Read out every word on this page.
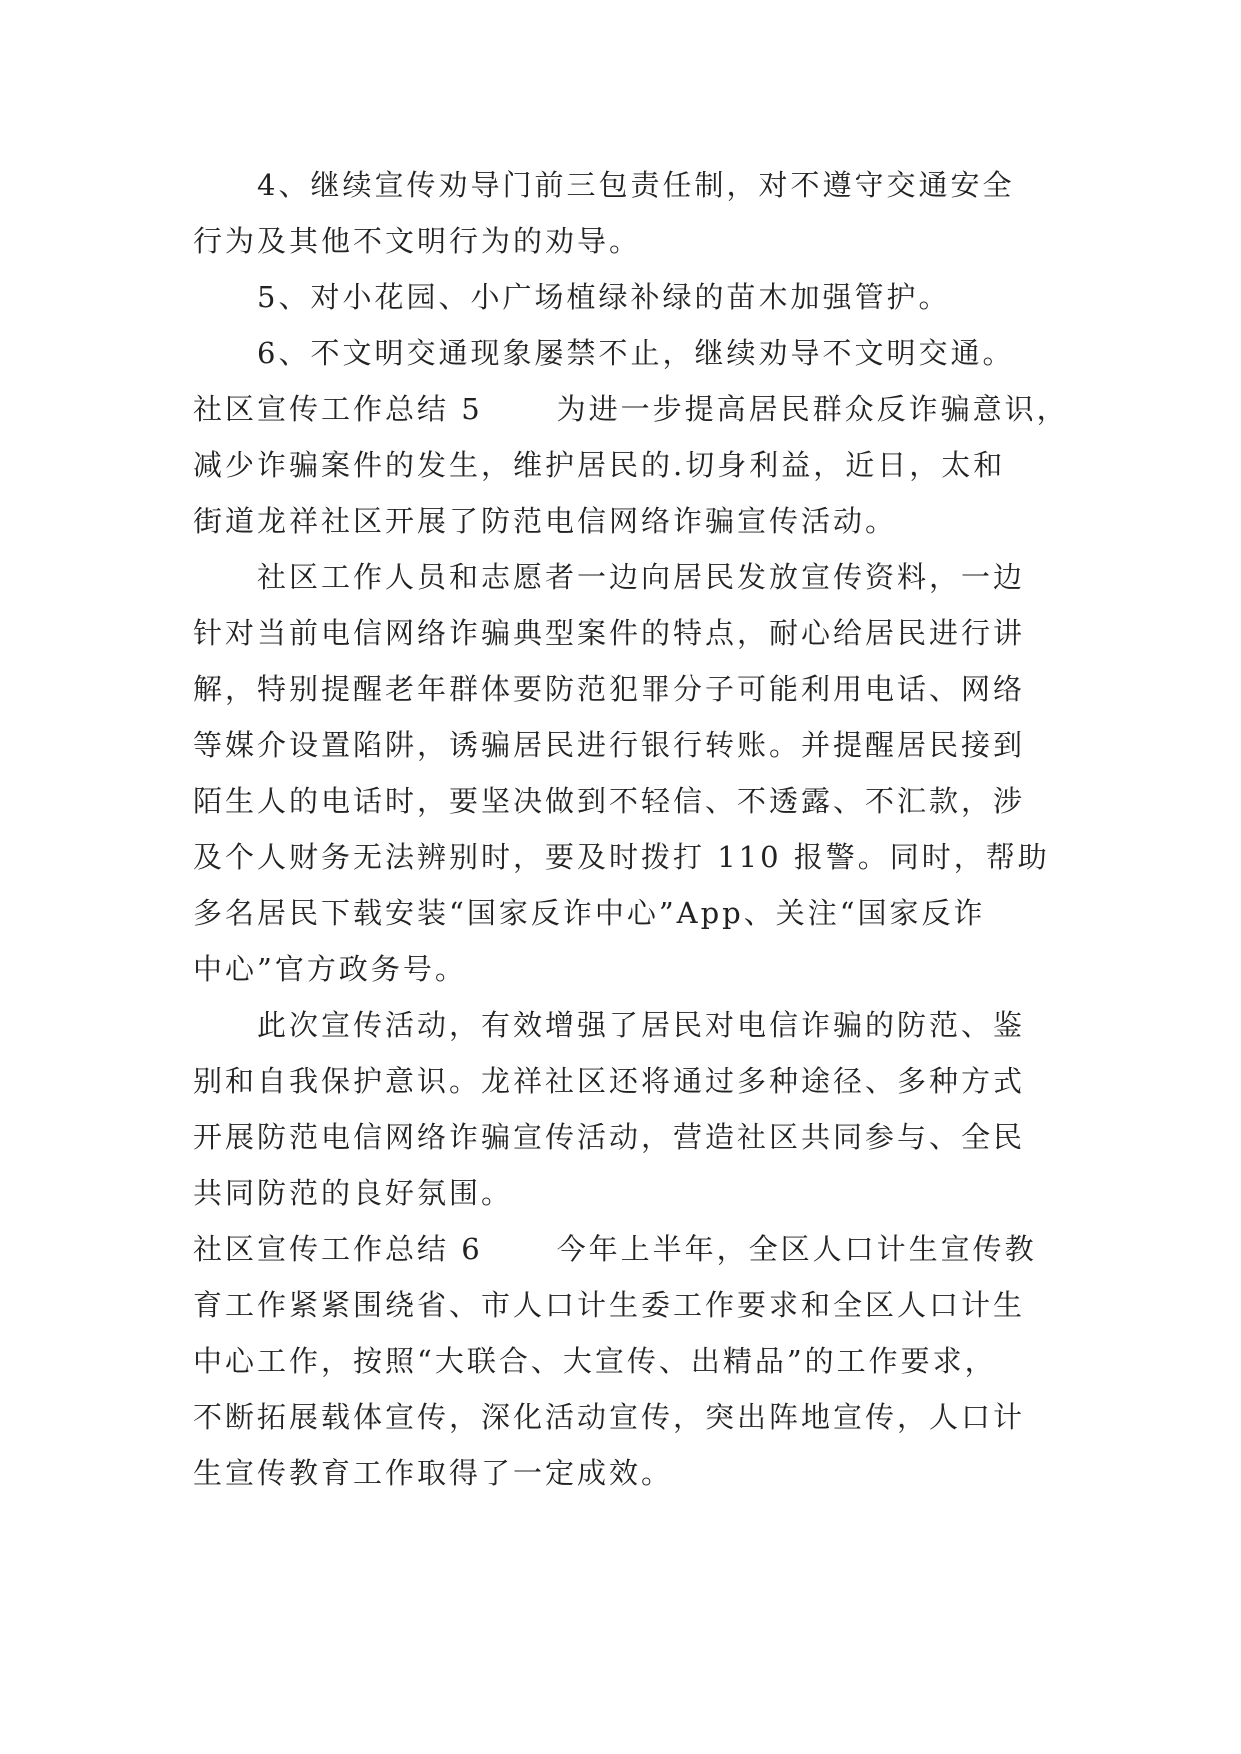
4、继续宣传劝导门前三包责任制，对不遵守交通安全
行为及其他不文明行为的劝导。
5、对小花园、小广场植绿补绿的苗木加强管护。
6、不文明交通现象屡禁不止，继续劝导不文明交通。
社区宣传工作总结 5	为进一步提高居民群众反诈骗意识，
减少诈骗案件的发生，维护居民的.切身利益，近日，太和
街道龙祥社区开展了防范电信网络诈骗宣传活动。
社区工作人员和志愿者一边向居民发放宣传资料，一边
针对当前电信网络诈骗典型案件的特点，耐心给居民进行讲
解，特别提醒老年群体要防范犯罪分子可能利用电话、网络
等媒介设置陷阱，诱骗居民进行银行转账。并提醒居民接到
陌生人的电话时，要坚决做到不轻信、不透露、不汇款，涉
及个人财务无法辨别时，要及时拨打 110 报警。同时，帮助
多名居民下载安装“国家反诈中心”App、关注“国家反诈
中心”官方政务号。
此次宣传活动，有效增强了居民对电信诈骗的防范、鉴
别和自我保护意识。龙祥社区还将通过多种途径、多种方式
开展防范电信网络诈骗宣传活动，营造社区共同参与、全民
共同防范的良好氛围。
社区宣传工作总结 6	今年上半年，全区人口计生宣传教
育工作紧紧围绕省、市人口计生委工作要求和全区人口计生
中心工作，按照“大联合、大宣传、出精品”的工作要求，
不断拓展载体宣传，深化活动宣传，突出阵地宣传，人口计
生宣传教育工作取得了一定成效。
